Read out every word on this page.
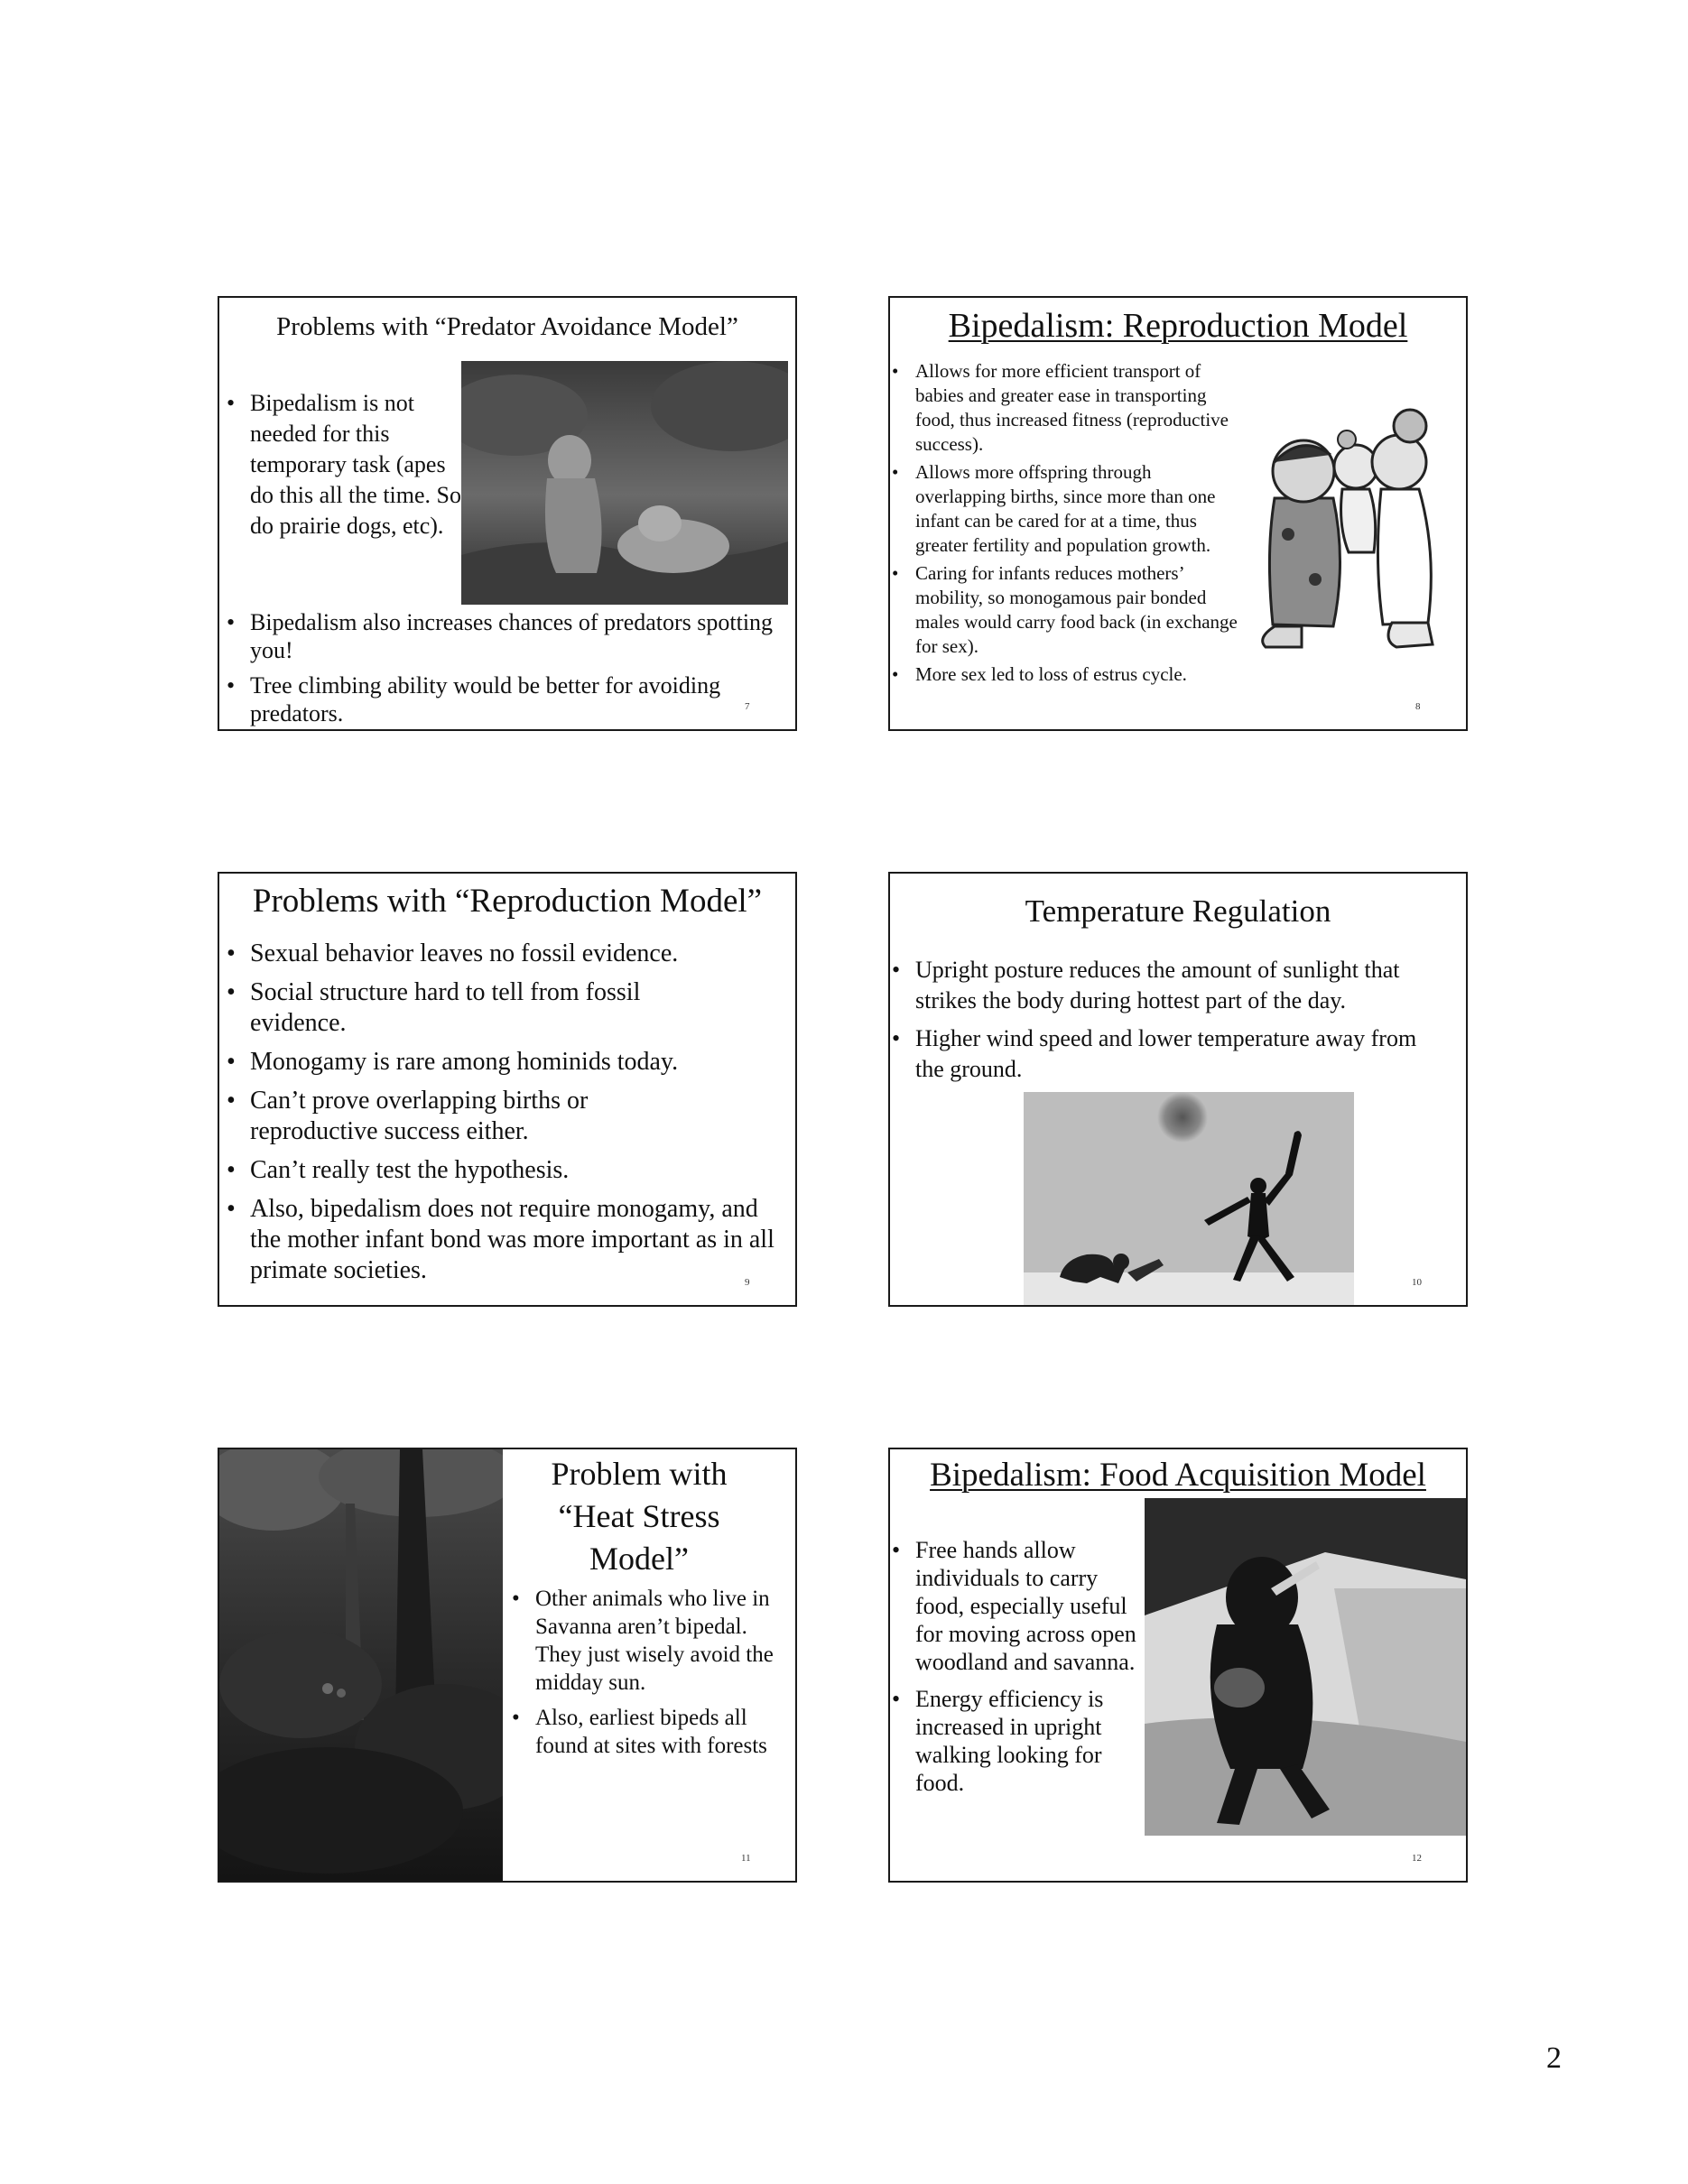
Problems with “Predator Avoidance Model”
• Bipedalism is not needed for this temporary task (apes do this all the time. So do prairie dogs, etc).
• Bipedalism also increases chances of predators spotting you!
• Tree climbing ability would be better for avoiding predators.	7
Bipedalism: Reproduction Model
• Allows for more efficient transport of babies and greater ease in transporting food, thus increased fitness (reproductive success).
• Allows more offspring through overlapping births, since more than one infant can be cared for at a time, thus greater fertility and population growth.
• Caring for infants reduces mothers’ mobility, so monogamous pair bonded males would carry food back (in exchange for sex).
• More sex led to loss of estrus cycle.
8
Problems with “Reproduction Model”
• Sexual behavior leaves no fossil evidence.
• Social structure hard to tell from fossil evidence.
• Monogamy is rare among hominids today.
• Can’t prove overlapping births or reproductive success either.
• Can’t really test the hypothesis.
• Also, bipedalism does not require monogamy, and the mother infant bond was more important as in all primate societies.	9
Temperature Regulation
• Upright posture reduces the amount of sunlight that strikes the body during hottest part of the day.
• Higher wind speed and lower temperature away from the ground.
10
Problem with “Heat Stress Model”
• Other animals who live in Savanna aren’t bipedal. They just wisely avoid the midday sun.
• Also, earliest bipeds all found at sites with forests
11
Bipedalism: Food Acquisition Model
• Free hands allow individuals to carry food, especially useful for moving across open woodland and savanna.
• Energy efficiency is increased in upright walking looking for food.
12
2
